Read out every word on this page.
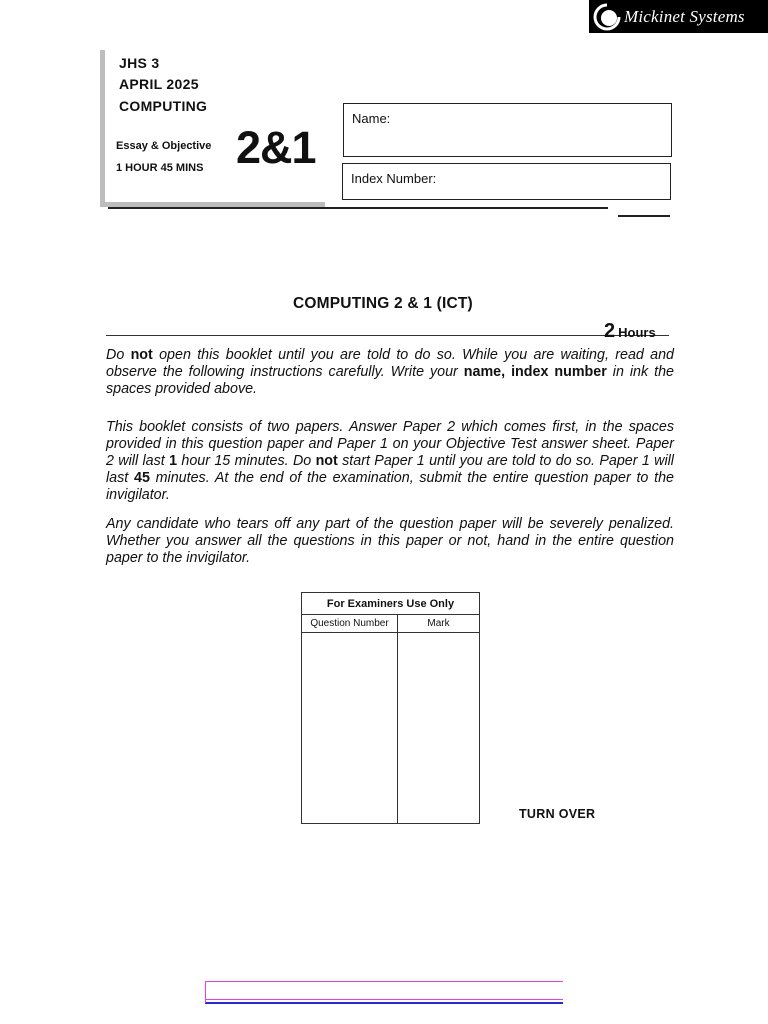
Mickinet Systems
JHS 3
APRIL 2025
COMPUTING
Essay & Objective
1 HOUR 45 MINS 2&1
Name:
Index Number:
COMPUTING 2 & 1 (ICT)
2 Hours
Do not open this booklet until you are told to do so. While you are waiting, read and observe the following instructions carefully. Write your name, index number in ink the spaces provided above.
This booklet consists of two papers. Answer Paper 2 which comes first, in the spaces provided in this question paper and Paper 1 on your Objective Test answer sheet. Paper 2 will last 1 hour 15 minutes. Do not start Paper 1 until you are told to do so. Paper 1 will last 45 minutes. At the end of the examination, submit the entire question paper to the invigilator.
Any candidate who tears off any part of the question paper will be severely penalized. Whether you answer all the questions in this paper or not, hand in the entire question paper to the invigilator.
For Examiners Use Only
Question Number	Mark
TURN OVER
